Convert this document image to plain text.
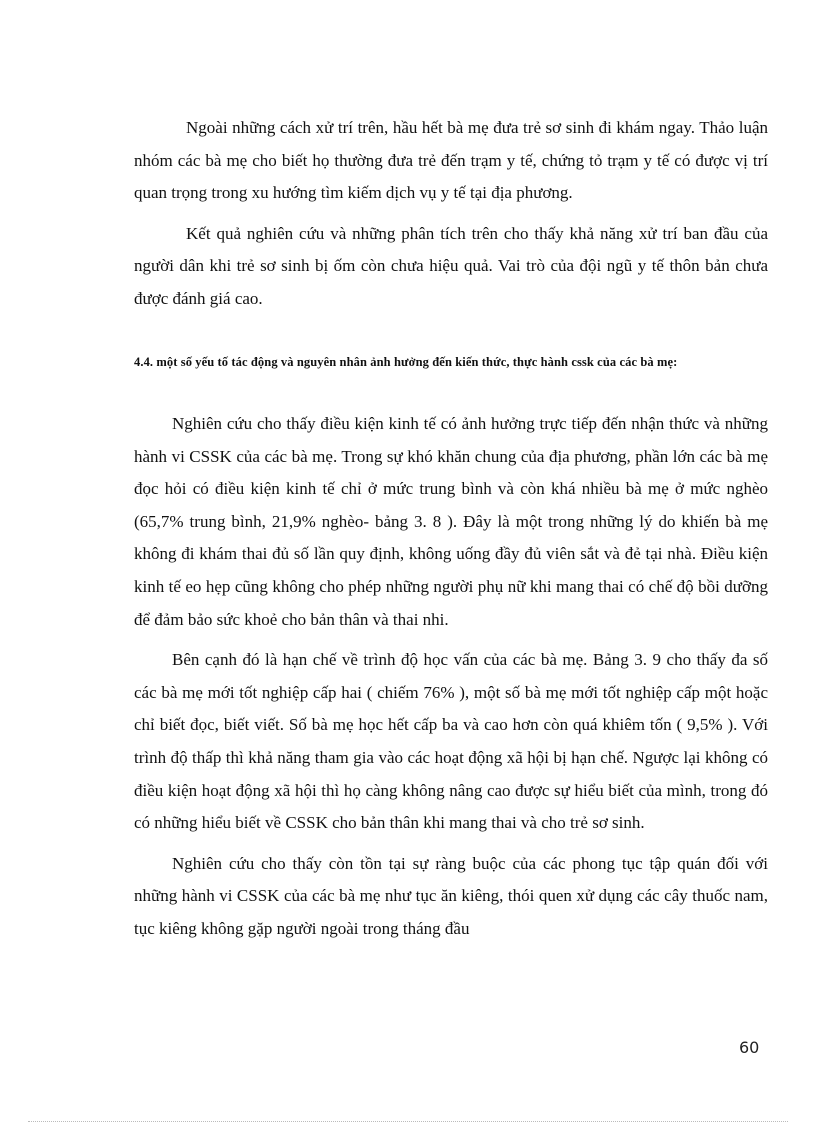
Ngoài những cách xử trí trên, hầu hết bà mẹ đưa trẻ sơ sinh đi khám ngay. Thảo luận nhóm các bà mẹ cho biết họ thường đưa trẻ đến trạm y tế, chứng tỏ trạm y tế có được vị trí quan trọng trong xu hướng tìm kiếm dịch vụ y tế tại địa phương.

Kết quả nghiên cứu và những phân tích trên cho thấy khả năng xử trí ban đầu của người dân khi trẻ sơ sinh bị ốm còn chưa hiệu quả. Vai trò của đội ngũ y tế thôn bản chưa được đánh giá cao.

4.4. một số yếu tố tác động và nguyên nhân ảnh hưởng đến kiến thức, thực hành cssk của các bà mẹ:

Nghiên cứu cho thấy điều kiện kinh tế có ảnh hưởng trực tiếp đến nhận thức và những hành vi CSSK của các bà mẹ. Trong sự khó khăn chung của địa phương, phần lớn các bà mẹ đọc hỏi có điều kiện kinh tế chỉ ở mức trung bình và còn khá nhiều bà mẹ ở mức nghèo (65,7% trung bình, 21,9% nghèo- bảng 3. 8 ). Đây là một trong những lý do khiến bà mẹ không đi khám thai đủ số lần quy định, không uống đầy đủ viên sắt và đẻ tại nhà. Điều kiện kinh tế eo hẹp cũng không cho phép những người phụ nữ khi mang thai có chế độ bồi dưỡng để đảm bảo sức khoẻ cho bản thân và thai nhi.

Bên cạnh đó là hạn chế về trình độ học vấn của các bà mẹ. Bảng 3. 9 cho thấy đa số các bà mẹ mới tốt nghiệp cấp hai ( chiếm 76% ), một số bà mẹ mới tốt nghiệp cấp một hoặc chỉ biết đọc, biết viết. Số bà mẹ học hết cấp ba và cao hơn còn quá khiêm tốn ( 9,5% ). Với trình độ thấp thì khả năng tham gia vào các hoạt động xã hội bị hạn chế. Ngược lại không có điều kiện hoạt động xã hội thì họ càng không nâng cao được sự hiểu biết của mình, trong đó có những hiểu biết về CSSK cho bản thân khi mang thai và cho trẻ sơ sinh.

Nghiên cứu cho thấy còn tồn tại sự ràng buộc của các phong tục tập quán đối với những hành vi CSSK của các bà mẹ như tục ăn kiêng, thói quen xử dụng các cây thuốc nam, tục kiêng không gặp người ngoài trong tháng đầu

60
